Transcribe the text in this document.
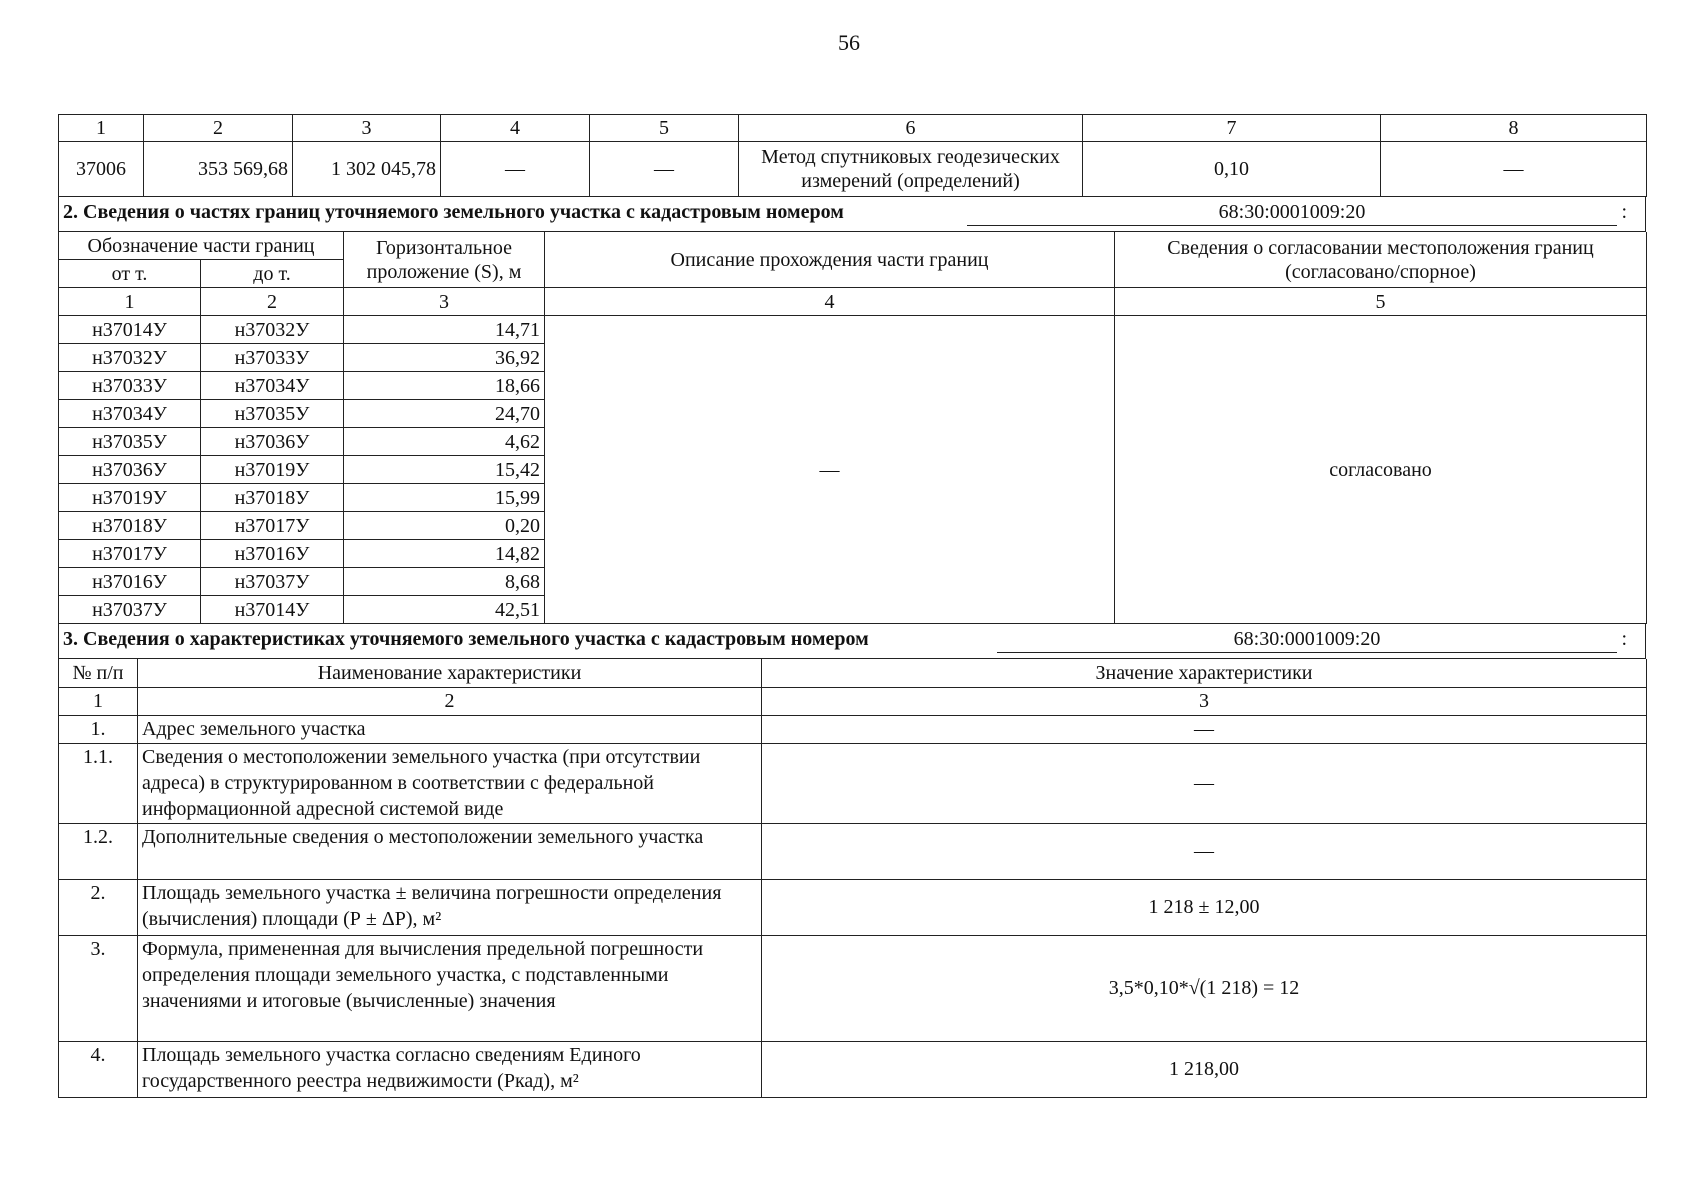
56
1	2	3	4	5	6	7	8
37006	353 569,68	1 302 045,78	—	—	Метод спутниковых геодезических измерений (определений)	0,10	—
2. Сведения о частях границ уточняемого земельного участка с кадастровым номером	68:30:0001009:20	:
Обозначение части границ		Горизонтальное проложение (S), м	Описание прохождения части границ	Сведения о согласовании местоположения границ (согласовано/спорное)
от т.	до т.			
1	2	3	4	5
н37014У	н37032У	14,71	—	согласовано
н37032У	н37033У	36,92		
н37033У	н37034У	18,66		
н37034У	н37035У	24,70		
н37035У	н37036У	4,62		
н37036У	н37019У	15,42		
н37019У	н37018У	15,99		
н37018У	н37017У	0,20		
н37017У	н37016У	14,82		
н37016У	н37037У	8,68		
н37037У	н37014У	42,51		
3. Сведения о характеристиках уточняемого земельного участка с кадастровым номером	68:30:0001009:20	:
№ п/п	Наименование характеристики	Значение характеристики
1	2	3
1.	Адрес земельного участка	—
1.1.	Сведения о местоположении земельного участка (при отсутствии адреса) в структурированном в соответствии с федеральной информационной адресной системой виде	—
1.2.	Дополнительные сведения о местоположении земельного участка	—
2.	Площадь земельного участка ± величина погрешности определения (вычисления) площади (Р ± ΔР), м²	1 218 ± 12,00
3.	Формула, примененная для вычисления предельной погрешности определения площади земельного участка, с подставленными значениями и итоговые (вычисленные) значения	3,5*0,10*√(1 218) = 12
4.	Площадь земельного участка согласно сведениям Единого государственного реестра недвижимости (Ркад), м²	1 218,00
